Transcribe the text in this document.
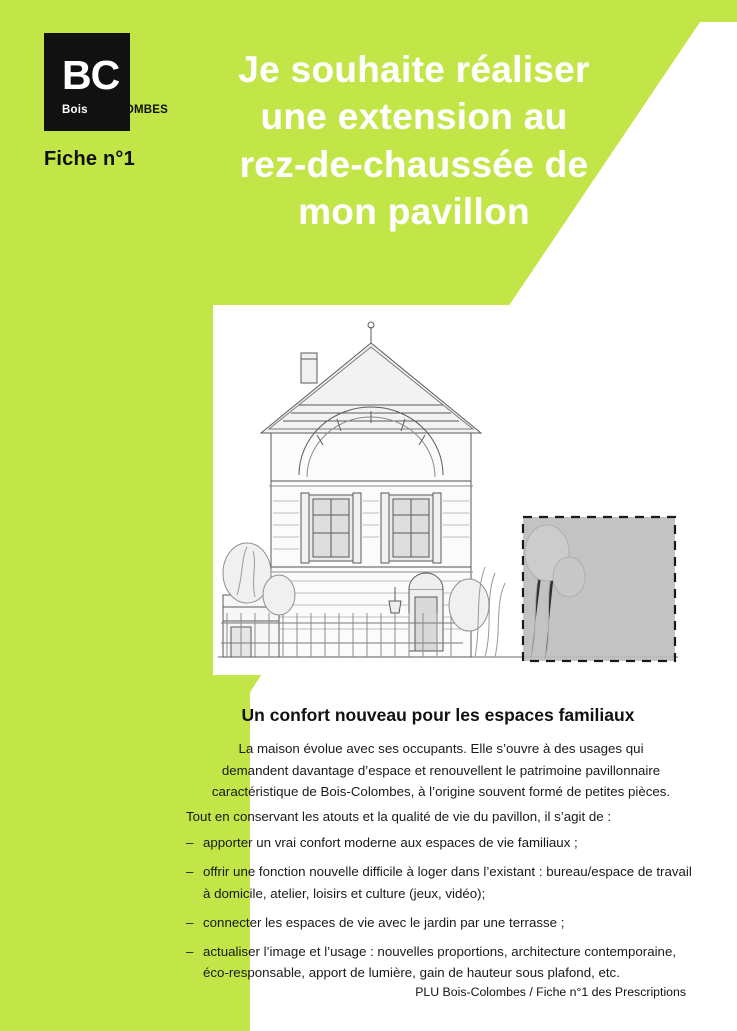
BC
Bois COLOMBES
Fiche n°1
Je souhaite réaliser
une extension au
rez-de-chaussée de
mon pavillon
Un confort nouveau pour les espaces familiaux
La maison évolue avec ses occupants. Elle s’ouvre à des usages qui demandent davantage d’espace et renouvellent le patrimoine pavillonnaire caractéristique de Bois-Colombes, à l’origine souvent formé de petites pièces.
Tout en conservant les atouts et la qualité de vie du pavillon, il s’agit de :
– apporter un vrai confort moderne aux espaces de vie familiaux ;
– offrir une fonction nouvelle difficile à loger dans l’existant : bureau/espace de travail à domicile, atelier, loisirs et culture (jeux, vidéo);
– connecter les espaces de vie avec le jardin par une terrasse ;
– actualiser l’image et l’usage : nouvelles proportions, architecture contemporaine, éco-responsable, apport de lumière, gain de hauteur sous plafond, etc.
PLU Bois-Colombes / Fiche n°1 des Prescriptions
